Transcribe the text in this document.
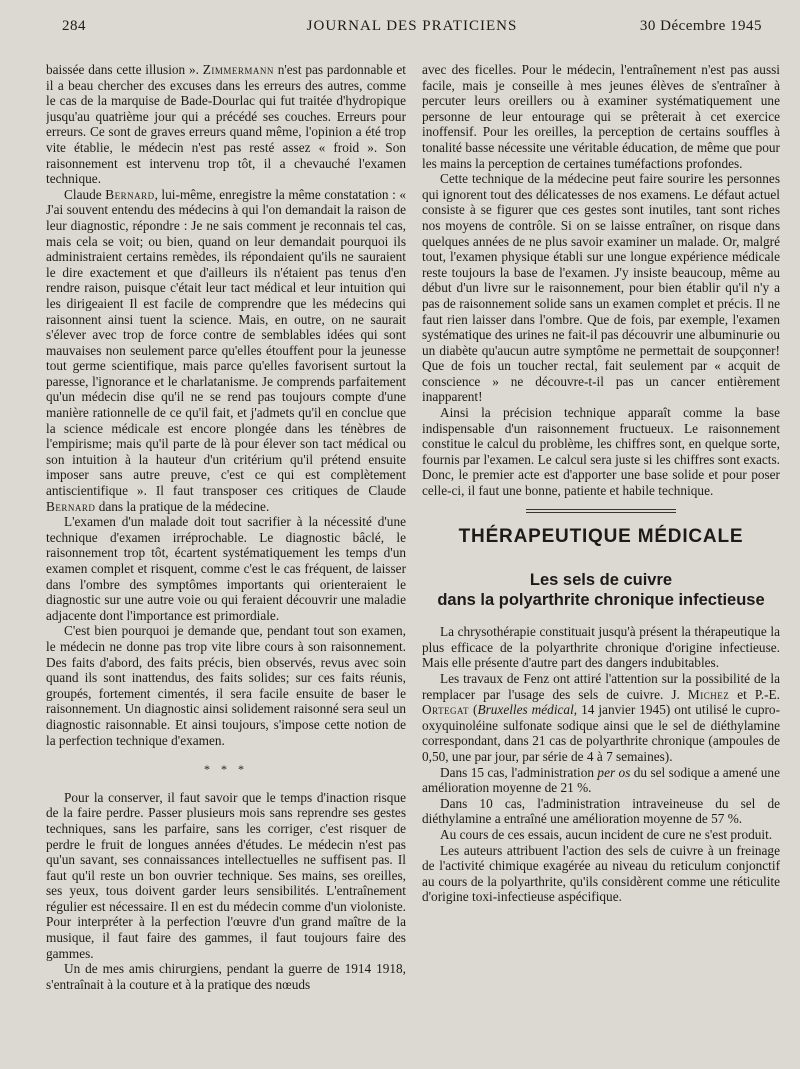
284	JOURNAL DES PRATICIENS	30 Décembre 1945

baissée dans cette illusion ». Zimmermann n'est pas pardonnable et il a beau chercher des excuses dans les erreurs des autres, comme le cas de la marquise de Bade-Dourlac qui fut traitée d'hydropique jusqu'au quatrième jour qui a précédé ses couches. Erreurs pour erreurs. Ce sont de graves erreurs quand même, l'opinion a été trop vite établie, le médecin n'est pas resté assez « froid ». Son raisonnement est intervenu trop tôt, il a chevauché l'examen technique.

Claude Bernard, lui-même, enregistre la même constatation : « J'ai souvent entendu des médecins à qui l'on demandait la raison de leur diagnostic, répondre : Je ne sais comment je reconnais tel cas, mais cela se voit; ou bien, quand on leur demandait pourquoi ils administraient certains remèdes, ils répondaient qu'ils ne sauraient le dire exactement et que d'ailleurs ils n'étaient pas tenus d'en rendre raison, puisque c'était leur tact médical et leur intuition qui les dirigeaient Il est facile de comprendre que les médecins qui raisonnent ainsi tuent la science. Mais, en outre, on ne saurait s'élever avec trop de force contre de semblables idées qui sont mauvaises non seulement parce qu'elles étouffent pour la jeunesse tout germe scientifique, mais parce qu'elles favorisent surtout la paresse, l'ignorance et le charlatanisme. Je comprends parfaitement qu'un médecin dise qu'il ne se rend pas toujours compte d'une manière rationnelle de ce qu'il fait, et j'admets qu'il en conclue que la science médicale est encore plongée dans les ténèbres de l'empirisme; mais qu'il parte de là pour élever son tact médical ou son intuition à la hauteur d'un critérium qu'il prétend ensuite imposer sans autre preuve, c'est ce qui est complètement antiscientifique ». Il faut transposer ces critiques de Claude Bernard dans la pratique de la médecine.

L'examen d'un malade doit tout sacrifier à la nécessité d'une technique d'examen irréprochable. Le diagnostic bâclé, le raisonnement trop tôt, écartent systématiquement les temps d'un examen complet et risquent, comme c'est le cas fréquent, de laisser dans l'ombre des symptômes importants qui orienteraient le diagnostic sur une autre voie ou qui feraient découvrir une maladie adjacente dont l'importance est primordiale.

C'est bien pourquoi je demande que, pendant tout son examen, le médecin ne donne pas trop vite libre cours à son raisonnement. Des faits d'abord, des faits précis, bien observés, revus avec soin quand ils sont inattendus, des faits solides; sur ces faits réunis, groupés, fortement cimentés, il sera facile ensuite de baser le raisonnement. Un diagnostic ainsi solidement raisonné sera seul un diagnostic raisonnable. Et ainsi toujours, s'impose cette notion de la perfection technique d'examen.

* * *

Pour la conserver, il faut savoir que le temps d'inaction risque de la faire perdre. Passer plusieurs mois sans reprendre ses gestes techniques, sans les parfaire, sans les corriger, c'est risquer de perdre le fruit de longues années d'études. Le médecin n'est pas qu'un savant, ses connaissances intellectuelles ne suffisent pas. Il faut qu'il reste un bon ouvrier technique. Ses mains, ses oreilles, ses yeux, tous doivent garder leurs sensibilités. L'entraînement régulier est nécessaire. Il en est du médecin comme d'un violoniste. Pour interpréter à la perfection l'œuvre d'un grand maître de la musique, il faut faire des gammes, il faut toujours faire des gammes.

Un de mes amis chirurgiens, pendant la guerre de 1914 1918, s'entraînait à la couture et à la pratique des nœuds

avec des ficelles. Pour le médecin, l'entraînement n'est pas aussi facile, mais je conseille à mes jeunes élèves de s'entraîner à percuter leurs oreillers ou à examiner systématiquement une personne de leur entourage qui se prêterait à cet exercice inoffensif. Pour les oreilles, la perception de certains souffles à tonalité basse nécessite une véritable éducation, de même que pour les mains la perception de certaines tuméfactions profondes.

Cette technique de la médecine peut faire sourire les personnes qui ignorent tout des délicatesses de nos examens. Le défaut actuel consiste à se figurer que ces gestes sont inutiles, tant sont riches nos moyens de contrôle. Si on se laisse entraîner, on risque dans quelques années de ne plus savoir examiner un malade. Or, malgré tout, l'examen physique établi sur une longue expérience médicale reste toujours la base de l'examen. J'y insiste beaucoup, même au début d'un livre sur le raisonnement, pour bien établir qu'il n'y a pas de raisonnement solide sans un examen complet et précis. Il ne faut rien laisser dans l'ombre. Que de fois, par exemple, l'examen systématique des urines ne fait-il pas découvrir une albuminurie ou un diabète qu'aucun autre symptôme ne permettait de soupçonner! Que de fois un toucher rectal, fait seulement par « acquit de conscience » ne découvre-t-il pas un cancer entièrement inapparent!

Ainsi la précision technique apparaît comme la base indispensable d'un raisonnement fructueux. Le raisonnement constitue le calcul du problème, les chiffres sont, en quelque sorte, fournis par l'examen. Le calcul sera juste si les chiffres sont exacts. Donc, le premier acte est d'apporter une base solide et pour poser celle-ci, il faut une bonne, patiente et habile technique.

THÉRAPEUTIQUE MÉDICALE
Les sels de cuivre
dans la polyarthrite chronique infectieuse

La chrysothérapie constituait jusqu'à présent la thérapeutique la plus efficace de la polyarthrite chronique d'origine infectieuse. Mais elle présente d'autre part des dangers indubitables.

Les travaux de Fenz ont attiré l'attention sur la possibilité de la remplacer par l'usage des sels de cuivre. J. Michez et P.-E. Ortegat (Bruxelles médical, 14 janvier 1945) ont utilisé le cupro-oxyquinoléine sulfonate sodique ainsi que le sel de diéthylamine correspondant, dans 21 cas de polyarthrite chronique (ampoules de 0,50, une par jour, par série de 4 à 7 semaines).

Dans 15 cas, l'administration per os du sel sodique a amené une amélioration moyenne de 21 %.

Dans 10 cas, l'administration intraveineuse du sel de diéthylamine a entraîné une amélioration moyenne de 57 %.

Au cours de ces essais, aucun incident de cure ne s'est produit.

Les auteurs attribuent l'action des sels de cuivre à un freinage de l'activité chimique exagérée au niveau du reticulum conjonctif au cours de la polyarthrite, qu'ils considèrent comme une réticulite d'origine toxi-infectieuse aspécifique.
